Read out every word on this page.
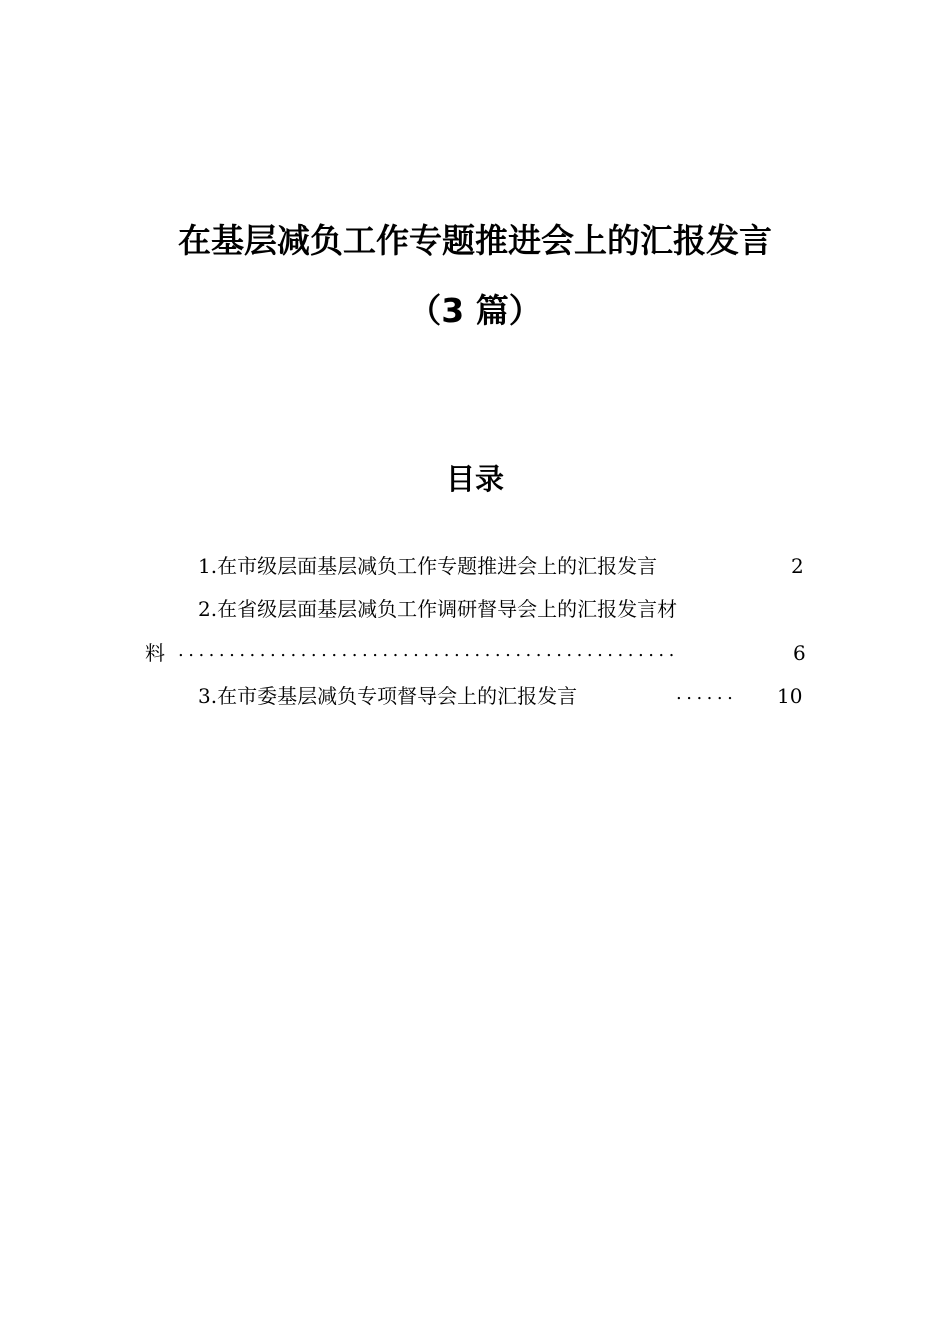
在基层减负工作专题推进会上的汇报发言
（3 篇）
目录
1.在市级层面基层减负工作专题推进会上的汇报发言	2
2.在省级层面基层减负工作调研督导会上的汇报发言材
料 .................................................	6
3.在市委基层减负专项督导会上的汇报发言	......	10
